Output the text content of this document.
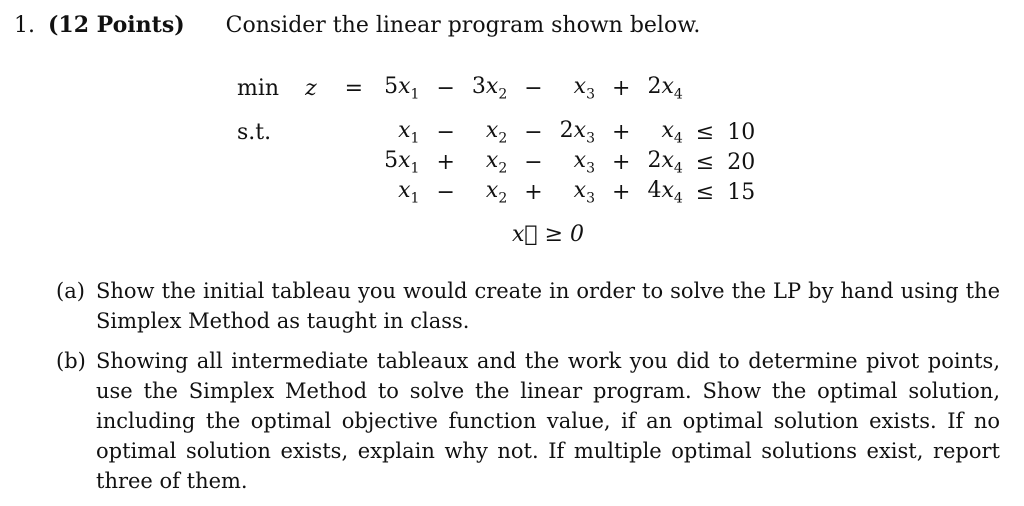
1. (12 Points) Consider the linear program shown below.
min	z	=	$5x_1$	−	$3x_2$	−	$x_3$	+	$2x_4$		

s.t.			$x_1$	−	$x_2$	−	$2x_3$	+	$x_4$	≤	10
			$5x_1$	+	$x_2$	−	$x_3$	+	$2x_4$	≤	20
			$x_1$	−	$x_2$	+	$x_3$	+	$4x_4$	≤	15
x⃗ ≥ 0
(a) Show the initial tableau you would create in order to solve the LP by hand using the Simplex Method as taught in class.
(b) Showing all intermediate tableaux and the work you did to determine pivot points, use the Simplex Method to solve the linear program. Show the optimal solution, including the optimal objective function value, if an optimal solution exists. If no optimal solution exists, explain why not. If multiple optimal solutions exist, report three of them.
